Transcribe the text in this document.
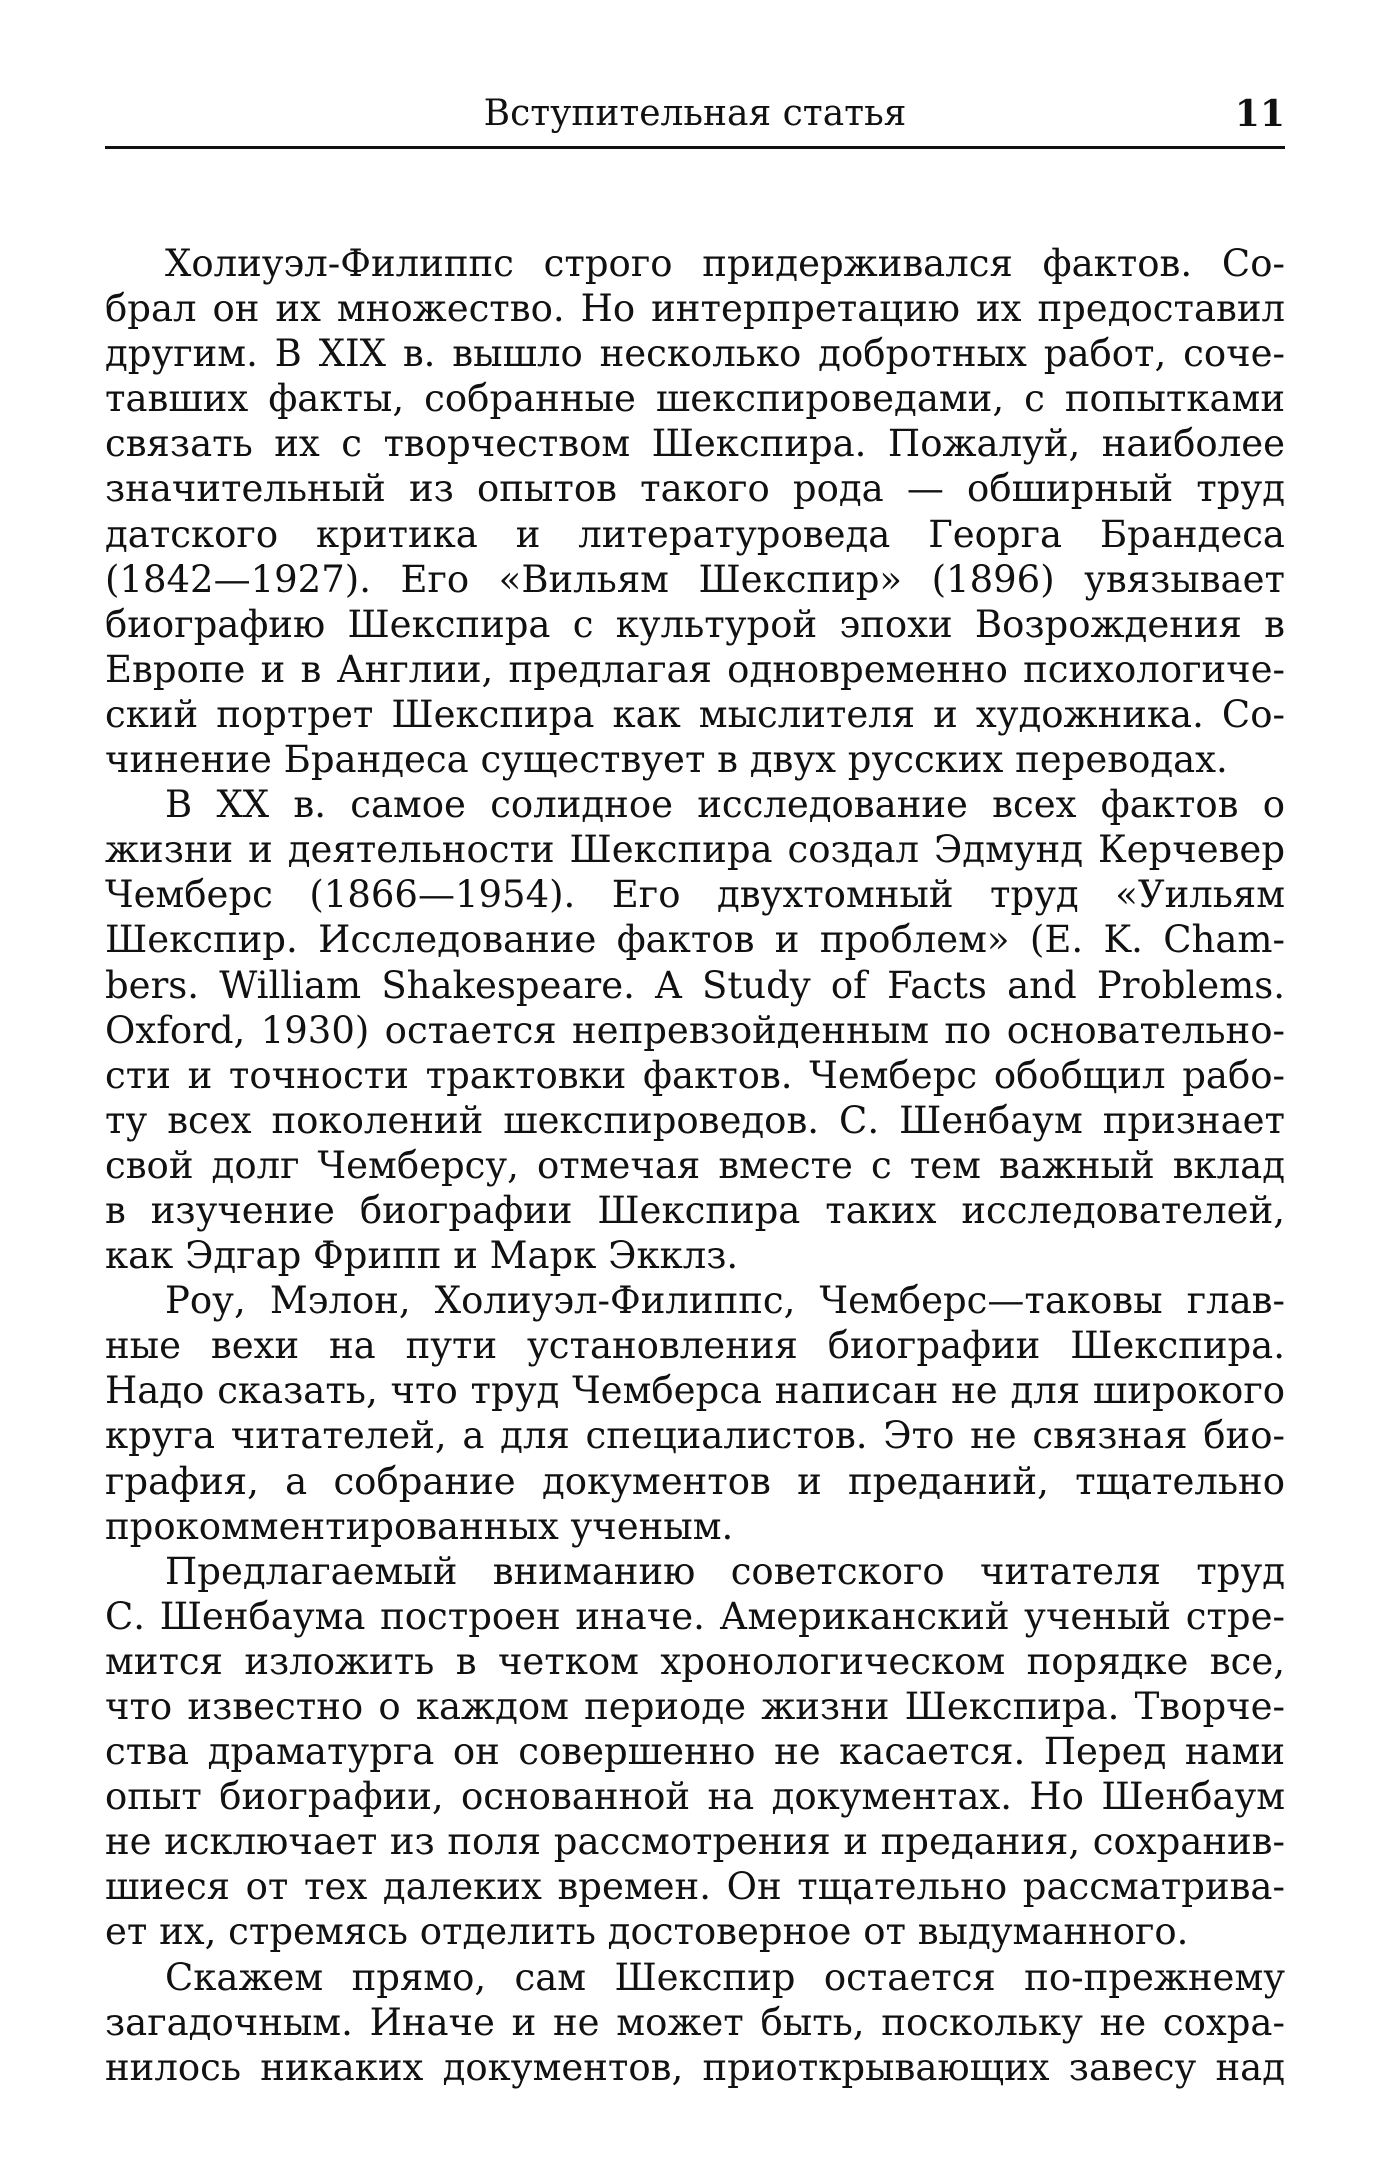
Вступительная статья	11
Холиуэл-Филиппс строго придерживался фактов. Со-
брал он их множество. Но интерпретацию их предоставил
другим. В XIX в. вышло несколько добротных работ, соче-
тавших факты, собранные шекспироведами, с попытками
связать их с творчеством Шекспира. Пожалуй, наиболее
значительный из опытов такого рода — обширный труд
датского критика и литературоведа Георга Брандеса
(1842—1927). Его «Вильям Шекспир» (1896) увязывает
биографию Шекспира с культурой эпохи Возрождения в
Европе и в Англии, предлагая одновременно психологиче-
ский портрет Шекспира как мыслителя и художника. Со-
чинение Брандеса существует в двух русских переводах.
В XX в. самое солидное исследование всех фактов о
жизни и деятельности Шекспира создал Эдмунд Керчевер
Чемберс (1866—1954). Его двухтомный труд «Уильям
Шекспир. Исследование фактов и проблем» (E. K. Cham-
bers. William Shakespeare. A Study of Facts and Problems.
Oxford, 1930) остается непревзойденным по основательно-
сти и точности трактовки фактов. Чемберс обобщил рабо-
ту всех поколений шекспироведов. С. Шенбаум признает
свой долг Чемберсу, отмечая вместе с тем важный вклад
в изучение биографии Шекспира таких исследователей,
как Эдгар Фрипп и Марк Экклз.
Роу, Мэлон, Холиуэл-Филиппс, Чемберс—таковы глав-
ные вехи на пути установления биографии Шекспира.
Надо сказать, что труд Чемберса написан не для широкого
круга читателей, а для специалистов. Это не связная био-
графия, а собрание документов и преданий, тщательно
прокомментированных ученым.
Предлагаемый вниманию советского читателя труд
С. Шенбаума построен иначе. Американский ученый стре-
мится изложить в четком хронологическом порядке все,
что известно о каждом периоде жизни Шекспира. Творче-
ства драматурга он совершенно не касается. Перед нами
опыт биографии, основанной на документах. Но Шенбаум
не исключает из поля рассмотрения и предания, сохранив-
шиеся от тех далеких времен. Он тщательно рассматрива-
ет их, стремясь отделить достоверное от выдуманного.
Скажем прямо, сам Шекспир остается по-прежнему
загадочным. Иначе и не может быть, поскольку не сохра-
нилось никаких документов, приоткрывающих завесу над
